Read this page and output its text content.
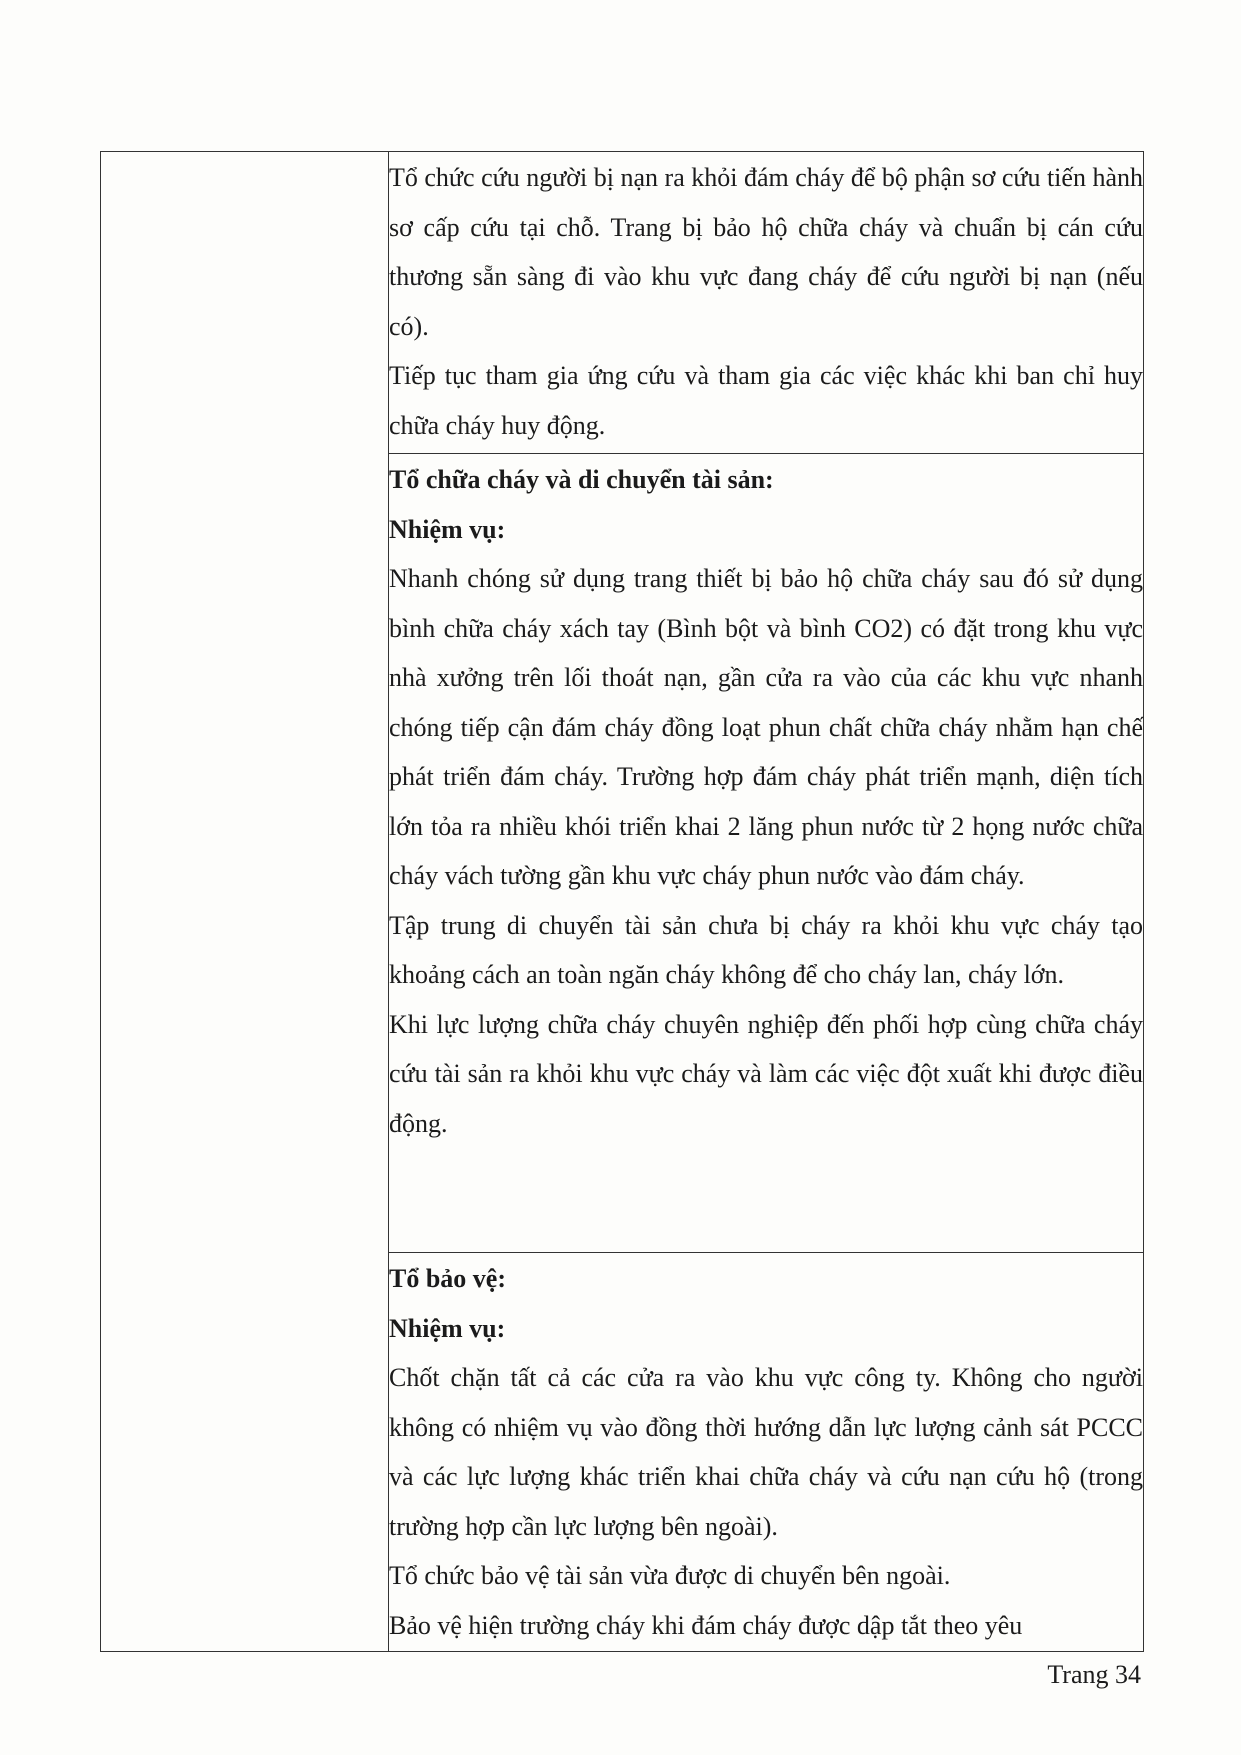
Tổ chức cứu người bị nạn ra khỏi đám cháy để bộ phận sơ cứu tiến hành sơ cấp cứu tại chỗ. Trang bị bảo hộ chữa cháy và chuẩn bị cán cứu thương sẵn sàng đi vào khu vực đang cháy để cứu người bị nạn (nếu có).

Tiếp tục tham gia ứng cứu và tham gia các việc khác khi ban chỉ huy chữa cháy huy động.

Tổ chữa cháy và di chuyển tài sản:

Nhiệm vụ:

Nhanh chóng sử dụng trang thiết bị bảo hộ chữa cháy sau đó sử dụng bình chữa cháy xách tay (Bình bột và bình CO2) có đặt trong khu vực nhà xưởng trên lối thoát nạn, gần cửa ra vào của các khu vực nhanh chóng tiếp cận đám cháy đồng loạt phun chất chữa cháy nhằm hạn chế phát triển đám cháy. Trường hợp đám cháy phát triển mạnh, diện tích lớn tỏa ra nhiều khói triển khai 2 lăng phun nước từ 2 họng nước chữa cháy vách tường gần khu vực cháy phun nước vào đám cháy.

Tập trung di chuyển tài sản chưa bị cháy ra khỏi khu vực cháy tạo khoảng cách an toàn ngăn cháy không để cho cháy lan, cháy lớn.

Khi lực lượng chữa cháy chuyên nghiệp đến phối hợp cùng chữa cháy cứu tài sản ra khỏi khu vực cháy và làm các việc đột xuất khi được điều động.

Tổ bảo vệ:

Nhiệm vụ:

Chốt chặn tất cả các cửa ra vào khu vực công ty. Không cho người không có nhiệm vụ vào đồng thời hướng dẫn lực lượng cảnh sát PCCC và các lực lượng khác triển khai chữa cháy và cứu nạn cứu hộ (trong trường hợp cần lực lượng bên ngoài).

Tổ chức bảo vệ tài sản vừa được di chuyển bên ngoài.

Bảo vệ hiện trường cháy khi đám cháy được dập tắt theo yêu

Trang 34
